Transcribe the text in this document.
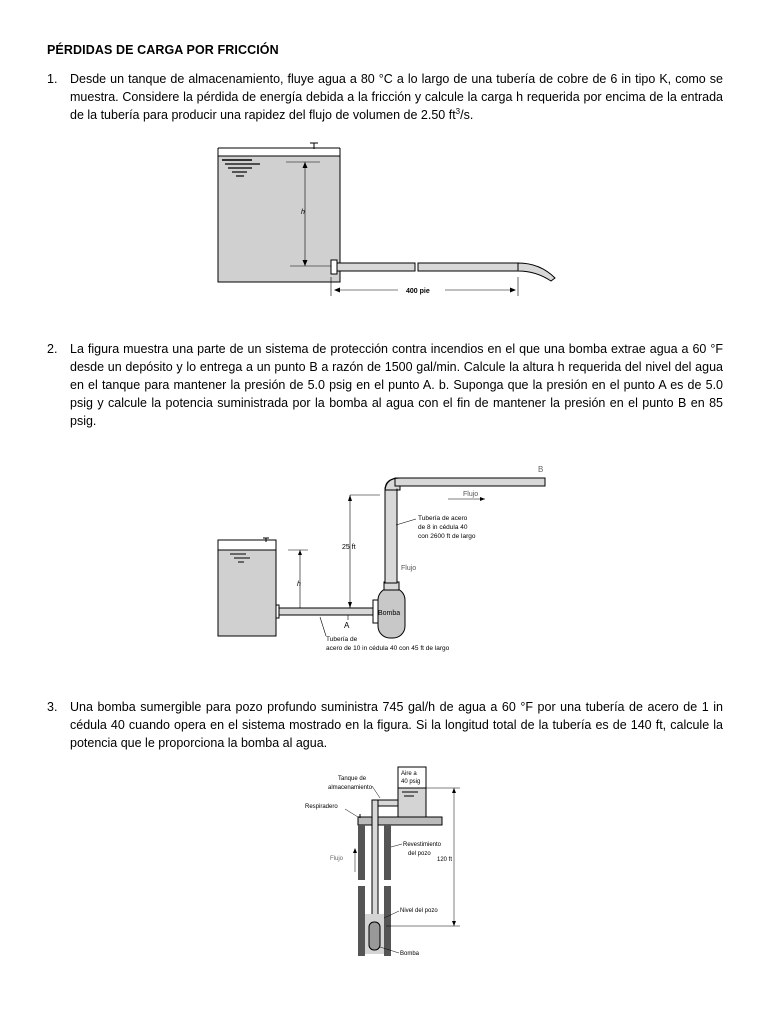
PÉRDIDAS DE CARGA POR FRICCIÓN
1. Desde un tanque de almacenamiento, fluye agua a 80 °C a lo largo de una tubería de cobre de 6 in tipo K, como se muestra. Considere la pérdida de energía debida a la fricción y calcule la carga h requerida por encima de la entrada de la tubería para producir una rapidez del flujo de volumen de 2.50 $ft^3/s$.
h
400 pie
2. La figura muestra una parte de un sistema de protección contra incendios en el que una bomba extrae agua a 60 °F desde un depósito y lo entrega a un punto B a razón de 1500 gal/min. Calcule la altura h requerida del nivel del agua en el tanque para mantener la presión de 5.0 psig en el punto A. b. Suponga que la presión en el punto A es de 5.0 psig y calcule la potencia suministrada por la bomba al agua con el fin de mantener la presión en el punto B en 85 psig.
h
A
25 ft
Bomba
B
Flujo
Flujo
Tubería de acero
de 8 in cédula 40
con 2600 ft de largo
Tubería de
acero de 10 in cédula 40 con 45 ft de largo
3. Una bomba sumergible para pozo profundo suministra 745 gal/h de agua a 60 °F por una tubería de acero de 1 in cédula 40 cuando opera en el sistema mostrado en la figura. Si la longitud total de la tubería es de 140 ft, calcule la potencia que le proporciona la bomba al agua.
Aire a
40 psig
Tanque de
almacenamiento
Respiradero
Flujo
Revestimiento
del pozo
120 ft
Nivel del pozo
Bomba
